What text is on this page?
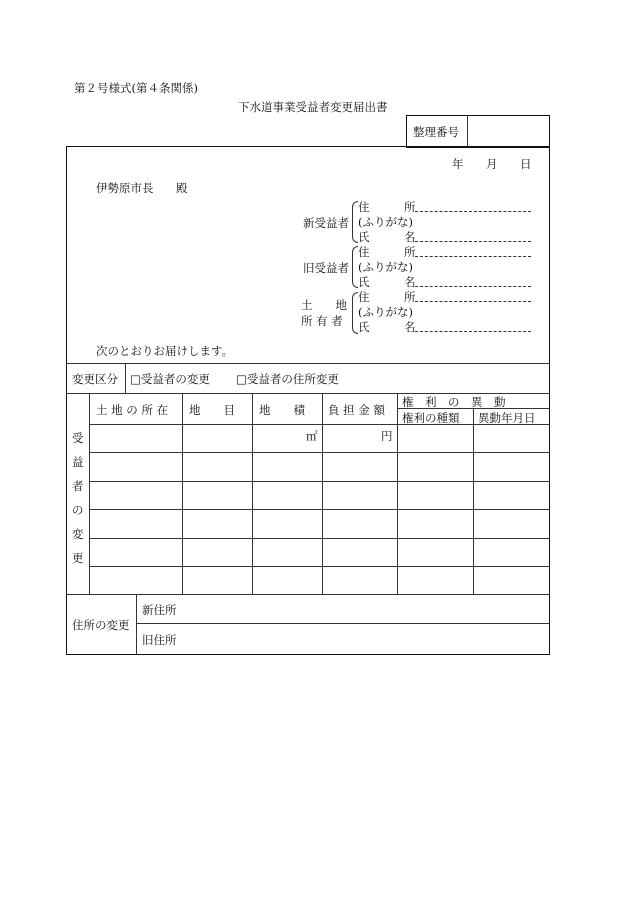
第２号様式(第４条関係)
下水道事業受益者変更届出書
整理番号
年 月 日
伊勢原市長 殿
新受益者
住　　　所
(ふりがな)
氏　　　名
旧受益者
住　　　所
(ふりがな)
氏　　　名
土　　地
所 有 者
住　　　所
(ふりがな)
氏　　　名
次のとおりお届けします。
変更区分 □受益者の変更 □受益者の住所変更
土 地 の 所 在 地　　目 地　　積 負 担 金 額
権　利　の　異　動
権利の種類 異動年月日
㎡	円
受
益
者
の
変
更
住所の変更
新住所
旧住所
